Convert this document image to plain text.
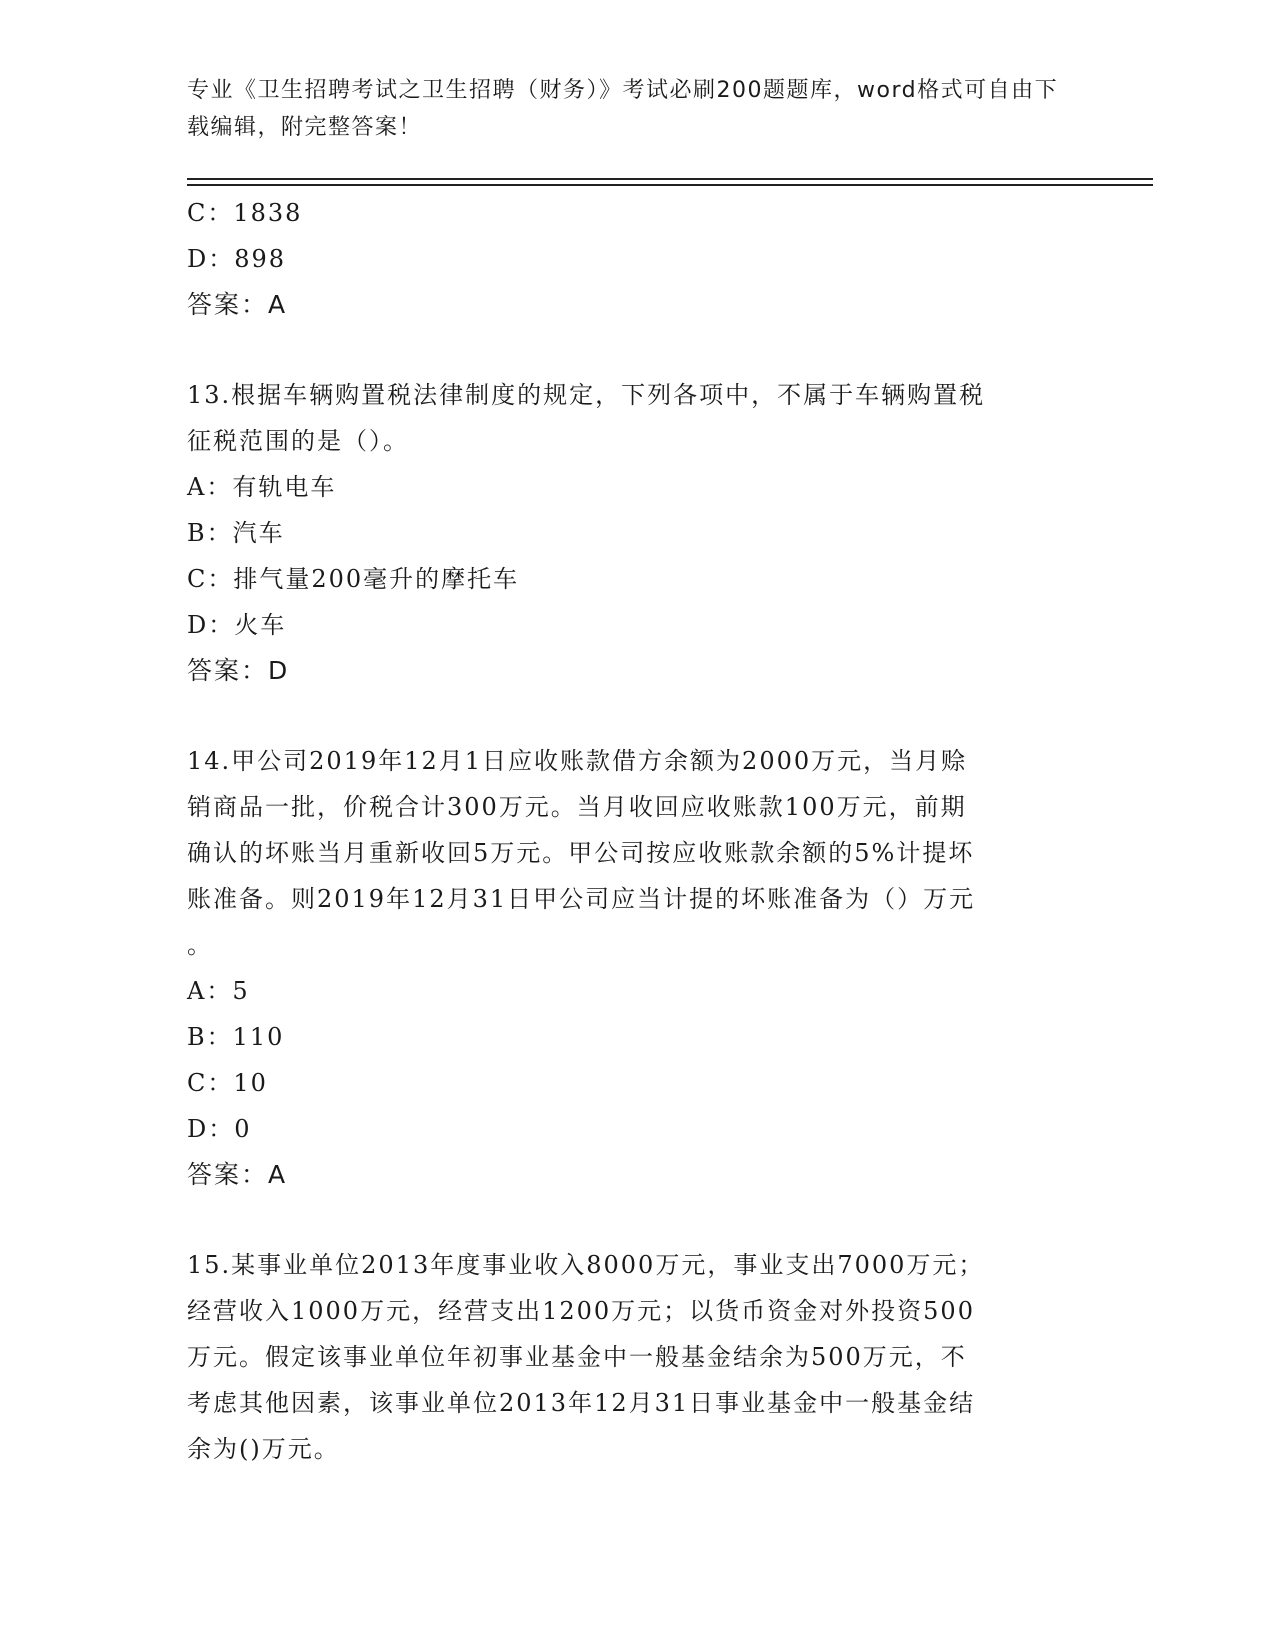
专业《卫生招聘考试之卫生招聘（财务）》考试必刷200题题库，word格式可自由下载编辑，附完整答案！
C：1838
D：898
答案：A
13.根据车辆购置税法律制度的规定，下列各项中，不属于车辆购置税
征税范围的是（）。
A：有轨电车
B：汽车
C：排气量200毫升的摩托车
D：火车
答案：D
14.甲公司2019年12月1日应收账款借方余额为2000万元，当月赊
销商品一批，价税合计300万元。当月收回应收账款100万元，前期
确认的坏账当月重新收回5万元。甲公司按应收账款余额的5%计提坏
账准备。则2019年12月31日甲公司应当计提的坏账准备为（）万元
。
A：5
B：110
C：10
D：0
答案：A
15.某事业单位2013年度事业收入8000万元，事业支出7000万元；
经营收入1000万元，经营支出1200万元；以货币资金对外投资500
万元。假定该事业单位年初事业基金中一般基金结余为500万元，不
考虑其他因素，该事业单位2013年12月31日事业基金中一般基金结
余为()万元。
